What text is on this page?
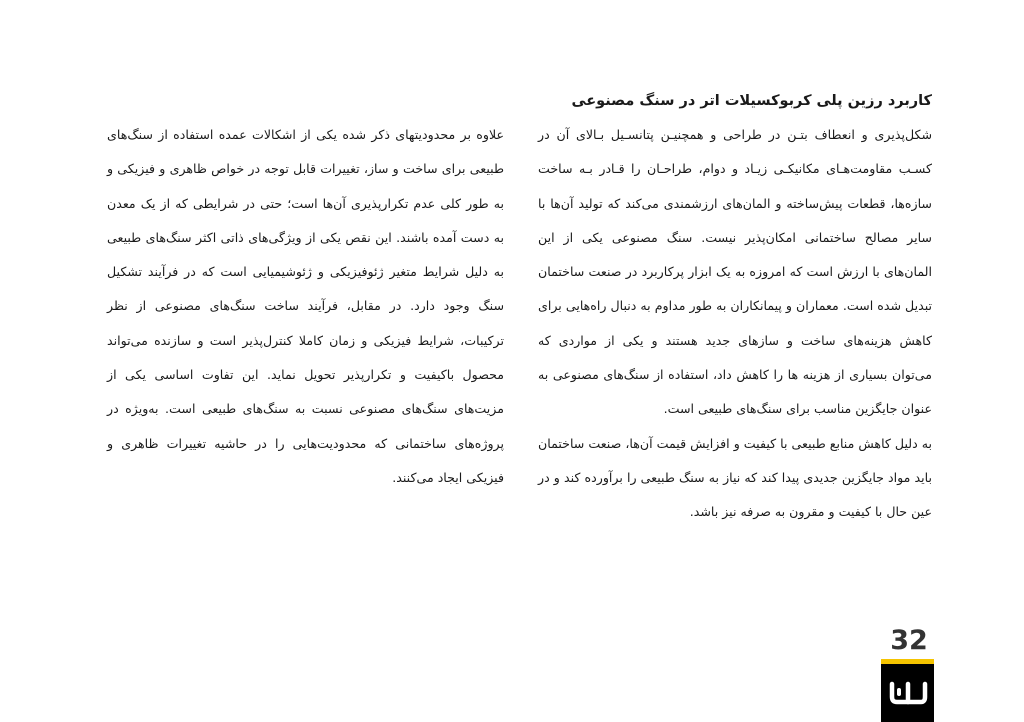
کاربرد رزین پلی کربوکسیلات اتر در سنگ مصنوعی

شکل‌پذیری و انعطاف بتـن در طراحی و همچنیـن پتانسـیل بـالای آن در کسـب مقاومت‌هـای مکانیکـی زیـاد و دوام، طراحـان را قـادر بـه ساخت سازه‌ها، قطعات پیش‌ساخته و المان‌های ارزشمندی می‌کند که تولید آن‌ها با سایر مصالح ساختمانی امکان‌پذیر نیست. سنگ مصنوعی یکی از این المان‌های با ارزش است که امروزه به یک ابزار پرکاربرد در صنعت ساختمان تبدیل شده است. معماران و پیمانکاران به طور مداوم به دنبال راه‌هایی برای کاهش هزینه‌های ساخت و سازهای جدید هستند و یکی از مواردی که می‌توان بسیاری از هزینه ها را کاهش داد، استفاده از سنگ‌های مصنوعی به عنوان جایگزین مناسب برای سنگ‌های طبیعی است.

به دلیل کاهش منابع طبیعی با کیفیت و افزایش قیمت آن‌ها، صنعت ساختمان باید مواد جایگزین جدیدی پیدا کند که نیاز به سنگ طبیعی را برآورده کند و در عین حال با کیفیت و مقرون به صرفه نیز باشد.

علاوه بر محدودیتهای ذکر شده یکی از اشکالات عمده استفاده از سنگ‌های طبیعی برای ساخت و ساز، تغییرات قابل توجه در خواص ظاهری و فیزیکی و به طور کلی عدم تکرارپذیری آن‌ها است؛ حتی در شرایطی که از یک معدن به دست آمده باشند. این نقص یکی از ویژگی‌های ذاتی اکثر سنگ‌های طبیعی به دلیل شرایط متغیر ژئوفیزیکی و ژئوشیمیایی است که در فرآیند تشکیل سنگ وجود دارد. در مقابل، فرآیند ساخت سنگ‌های مصنوعی از نظر ترکیبات، شرایط فیزیکی و زمان کاملا کنترل‌پذیر است و سازنده می‌تواند محصول باکیفیت و تکرارپذیر تحویل نماید. این تفاوت اساسی یکی از مزیت‌های سنگ‌های مصنوعی نسبت به سنگ‌های طبیعی است. به‌ویژه در پروژه‌های ساختمانی که محدودیت‌هایی را در حاشیه تغییرات ظاهری و فیزیکی ایجاد می‌کنند.

32
